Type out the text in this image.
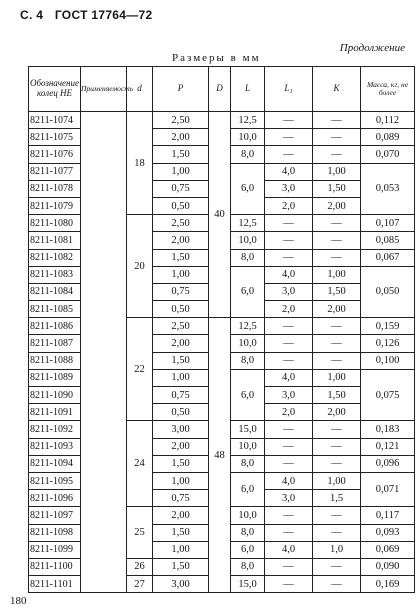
С. 4 ГОСТ 17764—72
Продолжение
Размеры в мм
Обозначение колец НЕ	Применяемость	d	P	D	L	L₁	K	Масса, кг, не более
8211-1074		18	2,50	40	12,5	—	—	0,112
8211-1075			2,00		10,0	—	—	0,089
8211-1076			1,50		8,0	—	—	0,070
8211-1077			1,00		6,0	4,0	1,00	0,053
8211-1078			0,75			3,0	1,50	
8211-1079			0,50			2,0	2,00	
8211-1080		20	2,50		12,5	—	—	0,107
8211-1081			2,00		10,0	—	—	0,085
8211-1082			1,50		8,0	—	—	0,067
8211-1083			1,00		6,0	4,0	1,00	0,050
8211-1084			0,75			3,0	1,50	
8211-1085			0,50			2,0	2,00	
8211-1086		22	2,50	48	12,5	—	—	0,159
8211-1087			2,00		10,0	—	—	0,126
8211-1088			1,50		8,0	—	—	0,100
8211-1089			1,00		6,0	4,0	1,00	0,075
8211-1090			0,75			3,0	1,50	
8211-1091			0,50			2,0	2,00	
8211-1092		24	3,00		15,0	—	—	0,183
8211-1093			2,00		10,0	—	—	0,121
8211-1094			1,50		8,0	—	—	0,096
8211-1095			1,00		6,0	4,0	1,00	0,071
8211-1096			0,75			3,0	1,5	
8211-1097		25	2,00		10,0	—	—	0,117
8211-1098			1,50		8,0	—	—	0,093
8211-1099			1,00		6,0	4,0	1,0	0,069
8211-1100		26	1,50		8,0	—	—	0,090
8211-1101		27	3,00		15,0	—	—	0,169
180
